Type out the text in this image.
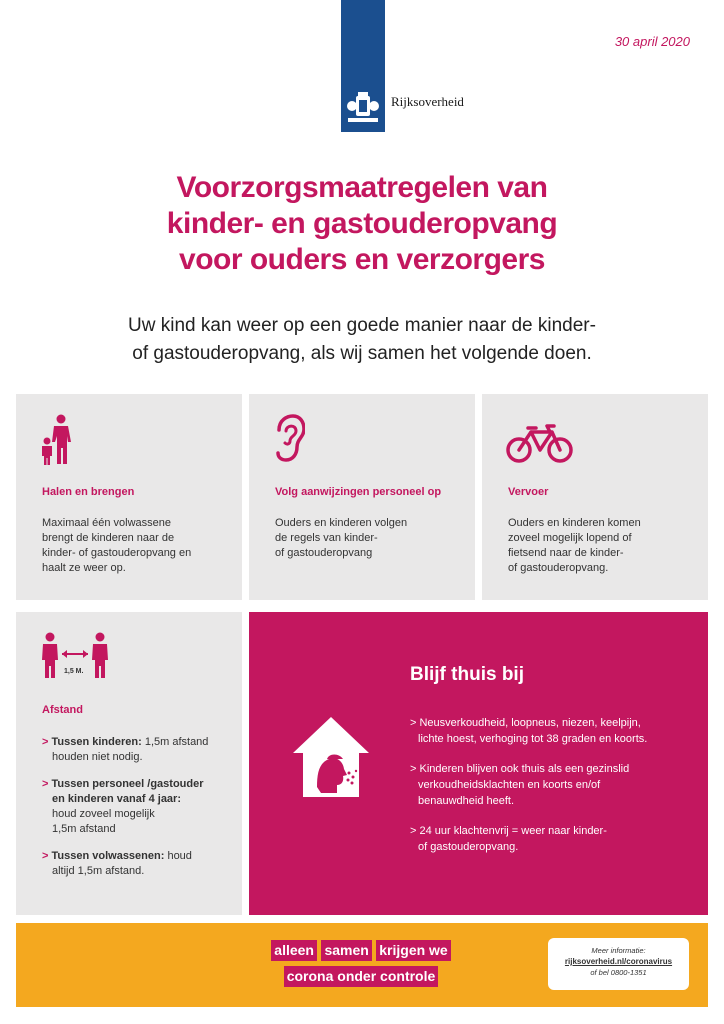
Rijksoverheid
30 april 2020
Voorzorgsmaatregelen van
kinder- en gastouderopvang
voor ouders en verzorgers
Uw kind kan weer op een goede manier naar de kinder-
of gastouderopvang, als wij samen het volgende doen.
Halen en brengen
Maximaal één volwassene
brengt de kinderen naar de
kinder- of gastouderopvang en
haalt ze weer op.
Volg aanwijzingen personeel op
Ouders en kinderen volgen
de regels van kinder-
of gastouderopvang
Vervoer
Ouders en kinderen komen
zoveel mogelijk lopend of
fietsend naar de kinder-
of gastouderopvang.
1,5 M.
Afstand
> Tussen kinderen: 1,5m afstand
houden niet nodig.
> Tussen personeel /gastouder
en kinderen vanaf 4 jaar:
houd zoveel mogelijk
1,5m afstand
> Tussen volwassenen: houd
altijd 1,5m afstand.
Blijf thuis bij
> Neusverkoudheid, loopneus, niezen, keelpijn,
lichte hoest, verhoging tot 38 graden en koorts.
> Kinderen blijven ook thuis als een gezinslid
verkoudheidsklachten en koorts en/of
benauwdheid heeft.
> 24 uur klachtenvrij = weer naar kinder-
of gastouderopvang.
alleen samen krijgen we
corona onder controle
Meer informatie:
rijksoverheid.nl/coronavirus
of bel 0800-1351
